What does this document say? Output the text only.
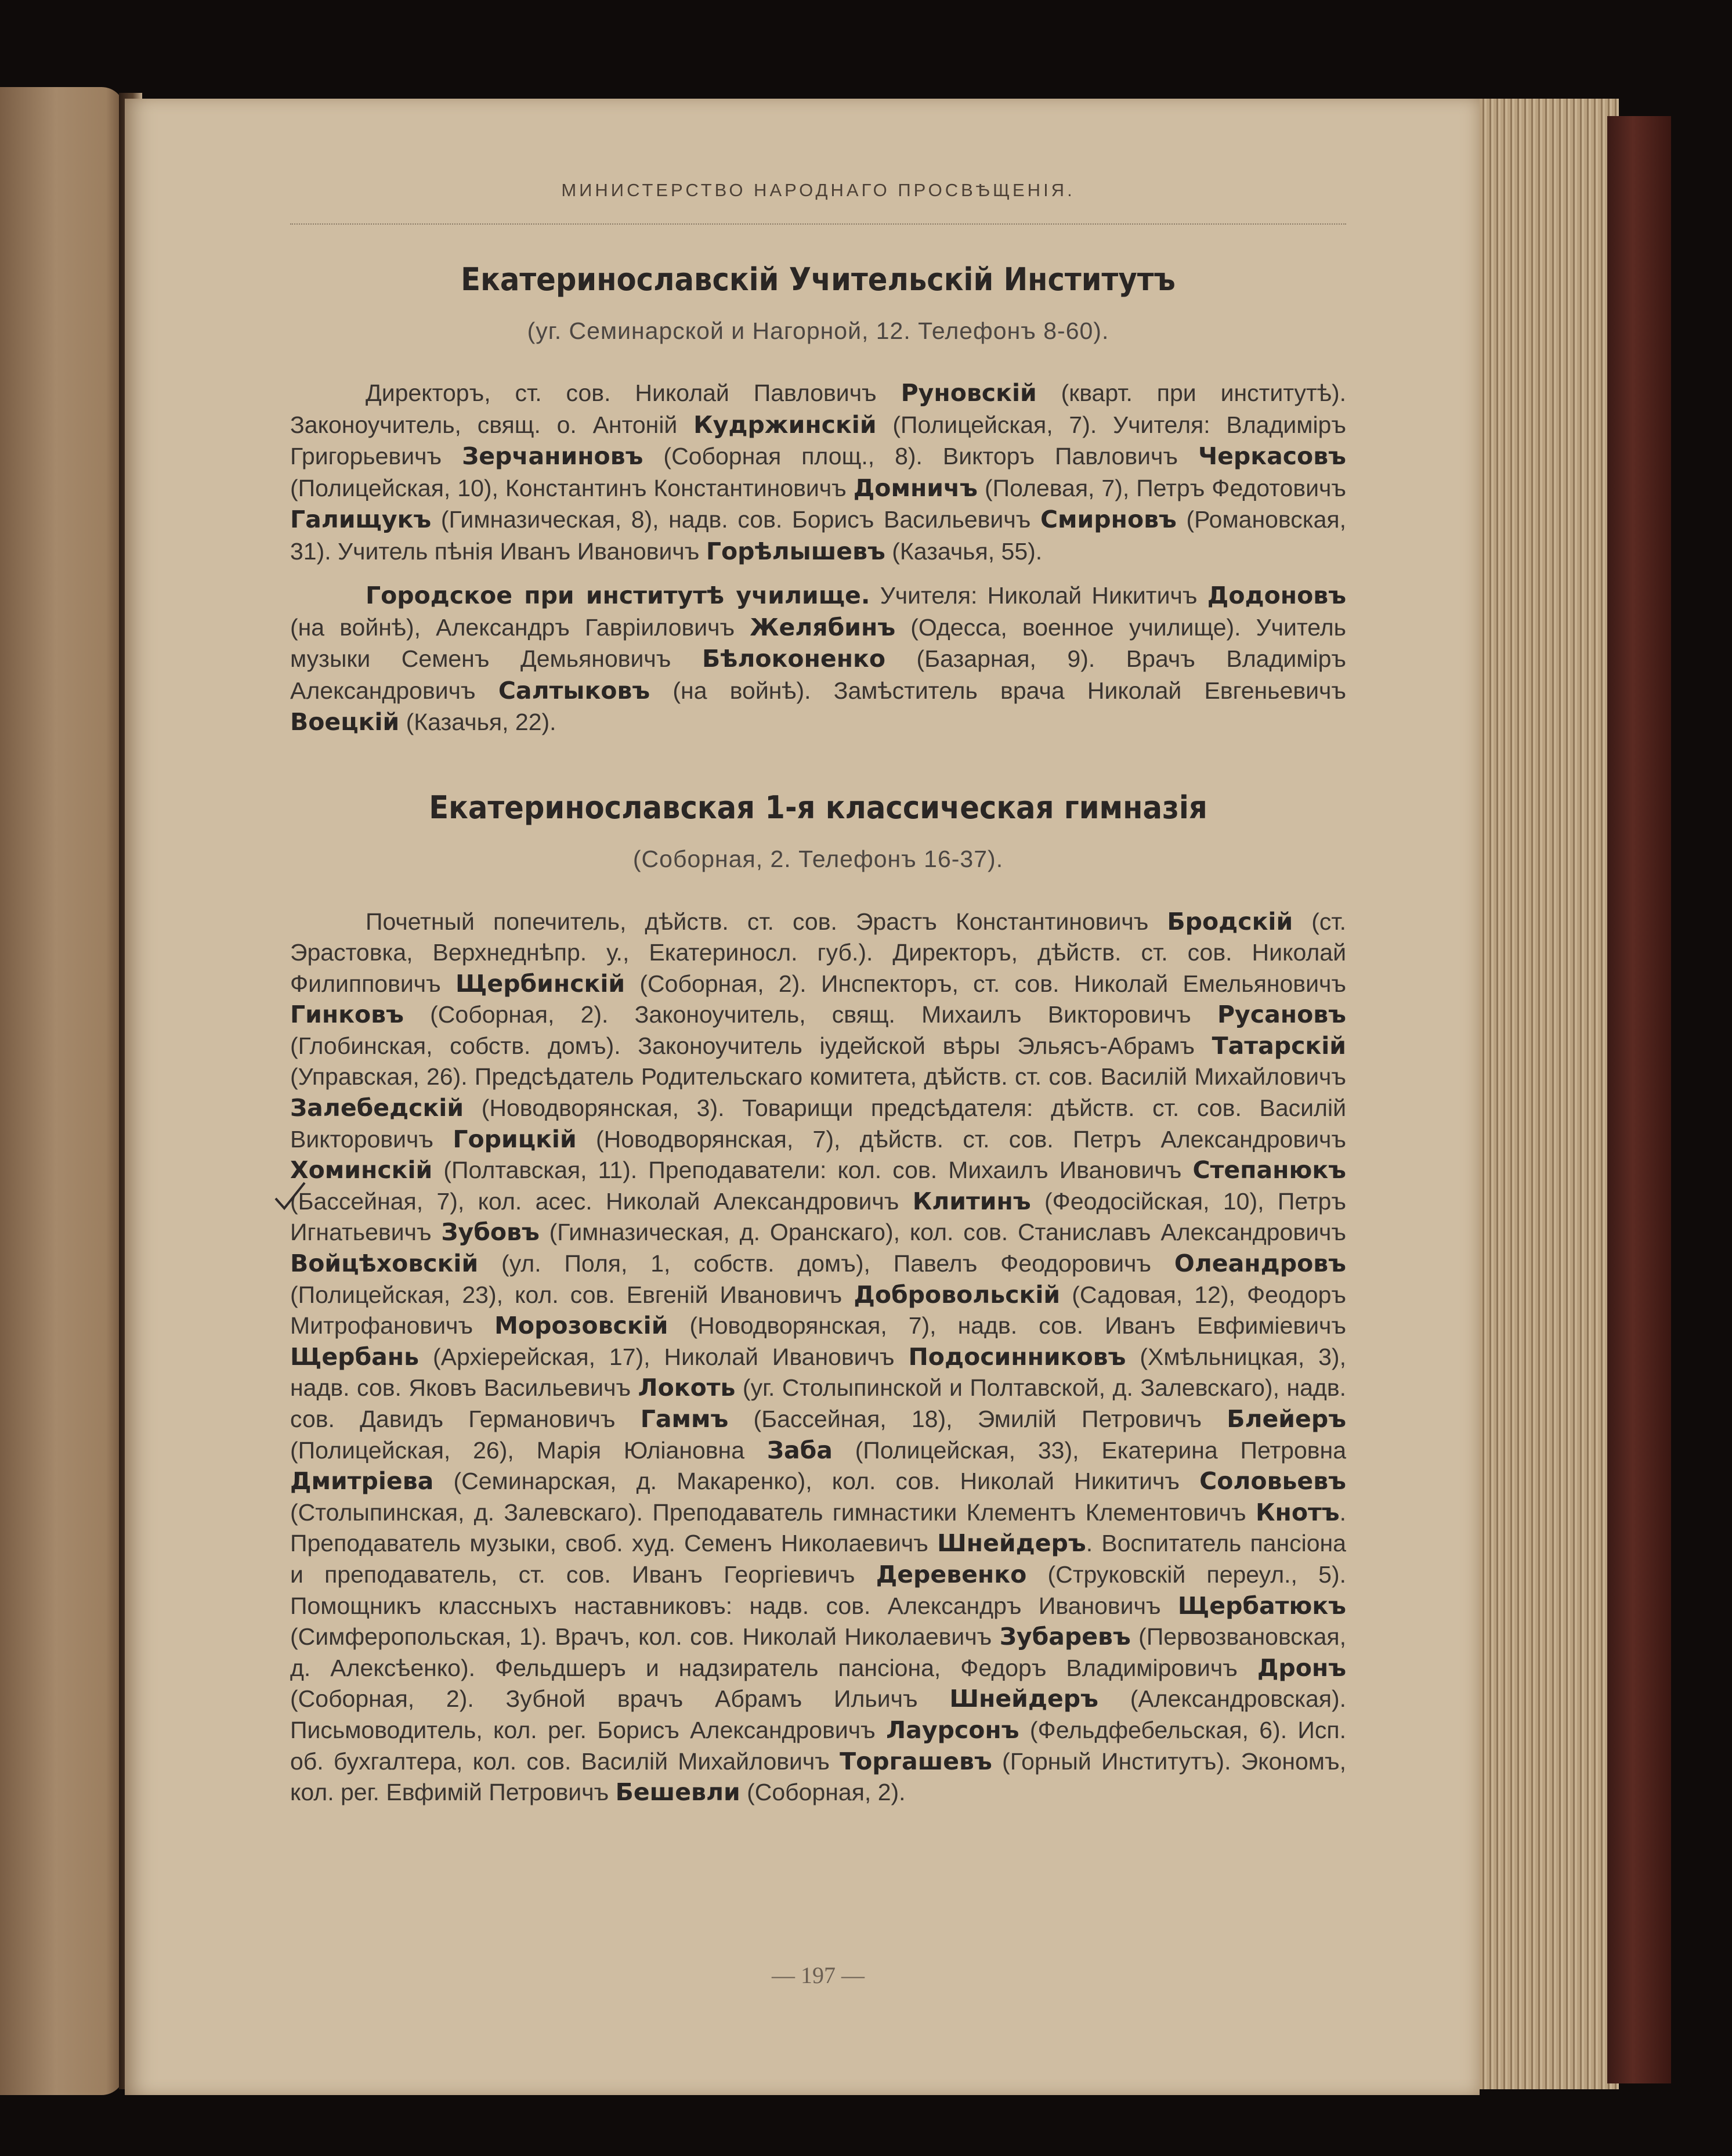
МИНИСТЕРСТВО НАРОДНАГО ПРОСВѢЩЕНІЯ.
Екатеринославскій Учительскій Институтъ
(уг. Семинарской и Нагорной, 12. Телефонъ 8-60).

Директоръ, ст. сов. Николай Павловичъ Руновскій (кварт. при институтѣ). Законоучитель, свящ. о. Антоній Кудржинскій (Полицейская, 7). Учителя: Владиміръ Григорьевичъ Зерчаниновъ (Соборная площ., 8). Викторъ Павловичъ Черкасовъ (Полицейская, 10), Константинъ Константиновичъ Домничъ (Полевая, 7), Петръ Федотовичъ Галищукъ (Гимназическая, 8), надв. сов. Борисъ Васильевичъ Смирновъ (Романовская, 31). Учитель пѣнія Иванъ Ивановичъ Горѣлышевъ (Казачья, 55).

Городское при институтѣ училище. Учителя: Николай Никитичъ Додоновъ (на войнѣ), Александръ Гавріиловичъ Желябинъ (Одесса, военное училище). Учитель музыки Семенъ Демьяновичъ Бѣлоконенко (Базарная, 9). Врачъ Владиміръ Александровичъ Салтыковъ (на войнѣ). Замѣститель врача Николай Евгеньевичъ Воецкій (Казачья, 22).

Екатеринославская 1-я классическая гимназія
(Соборная, 2. Телефонъ 16-37).

Почетный попечитель, дѣйств. ст. сов. Эрастъ Константиновичъ Бродскій (ст. Эрастовка, Верхнеднѣпр. у., Екатериносл. губ.). Директоръ, дѣйств. ст. сов. Николай Филипповичъ Щербинскій (Соборная, 2). Инспекторъ, ст. сов. Николай Емельяновичъ Гинковъ (Соборная, 2). Законоучитель, свящ. Михаилъ Викторовичъ Русановъ (Глобинская, собств. домъ). Законоучитель іудейской вѣры Эльясъ-Абрамъ Татарскій (Управская, 26). Предсѣдатель Родительскаго комитета, дѣйств. ст. сов. Василій Михайловичъ Залебедскій (Новодворянская, 3). Товарищи предсѣдателя: дѣйств. ст. сов. Василій Викторовичъ Горицкій (Новодворянская, 7), дѣйств. ст. сов. Петръ Александровичъ Хоминскій (Полтавская, 11). Преподаватели: кол. сов. Михаилъ Ивановичъ Степанюкъ (Бассейная, 7), кол. асес. Николай Александровичъ Клитинъ (Феодосійская, 10), Петръ Игнатьевичъ Зубовъ (Гимназическая, д. Оранскаго), кол. сов. Станиславъ Александровичъ Войцѣховскій (ул. Поля, 1, собств. домъ), Павелъ Феодоровичъ Олеандровъ (Полицейская, 23), кол. сов. Евгеній Ивановичъ Добровольскій (Садовая, 12), Феодоръ Митрофановичъ Морозовскій (Новодворянская, 7), надв. сов. Иванъ Евфиміевичъ Щербань (Архіерейская, 17), Николай Ивановичъ Подосинниковъ (Хмѣльницкая, 3), надв. сов. Яковъ Васильевичъ Локоть (уг. Столыпинской и Полтавской, д. Залевскаго), надв. сов. Давидъ Германовичъ Гаммъ (Бассейная, 18), Эмилій Петровичъ Блейеръ (Полицейская, 26), Марія Юліановна Заба (Полицейская, 33), Екатерина Петровна Дмитріева (Семинарская, д. Макаренко), кол. сов. Николай Никитичъ Соловьевъ (Столыпинская, д. Залевскаго). Преподаватель гимнастики Клементъ Клементовичъ Кнотъ. Преподаватель музыки, своб. худ. Семенъ Николаевичъ Шнейдеръ. Воспитатель пансіона и преподаватель, ст. сов. Иванъ Георгіевичъ Деревенко (Струковскій переул., 5). Помощникъ классныхъ наставниковъ: надв. сов. Александръ Ивановичъ Щербатюкъ (Симферопольская, 1). Врачъ, кол. сов. Николай Николаевичъ Зубаревъ (Первозвановская, д. Алексѣенко). Фельдшеръ и надзиратель пансіона, Федоръ Владиміровичъ Дронъ (Соборная, 2). Зубной врачъ Абрамъ Ильичъ Шнейдеръ (Александровская). Письмоводитель, кол. рег. Борисъ Александровичъ Лаурсонъ (Фельдфебельская, 6). Исп. об. бухгалтера, кол. сов. Василій Михайловичъ Торгашевъ (Горный Институтъ). Экономъ, кол. рег. Евфимій Петровичъ Бешевли (Соборная, 2).

— 197 —
